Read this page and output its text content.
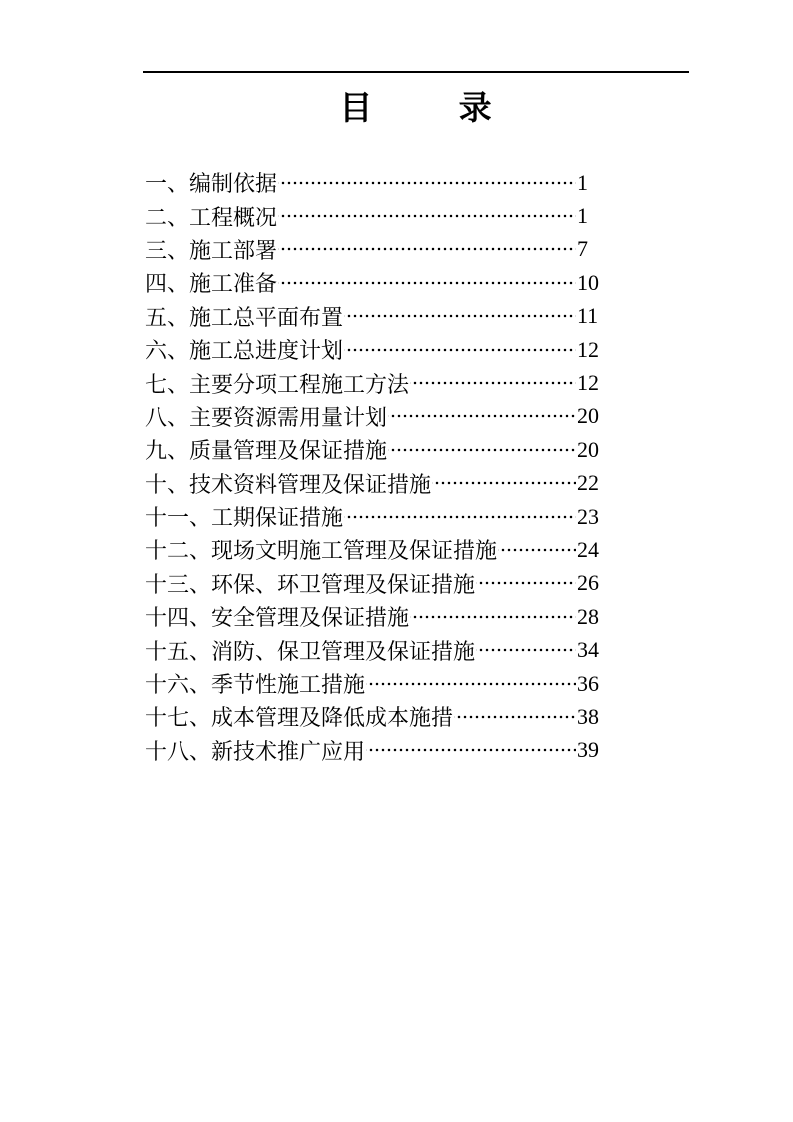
目 录
一、编制依据	1
二、工程概况	1
三、施工部署	7
四、施工准备	10
五、施工总平面布置	11
六、施工总进度计划	12
七、主要分项工程施工方法	12
八、主要资源需用量计划	20
九、质量管理及保证措施	20
十、技术资料管理及保证措施	22
十一、工期保证措施	23
十二、现场文明施工管理及保证措施	24
十三、环保、环卫管理及保证措施	26
十四、安全管理及保证措施	28
十五、消防、保卫管理及保证措施	34
十六、季节性施工措施	36
十七、成本管理及降低成本施措	38
十八、新技术推广应用	39
